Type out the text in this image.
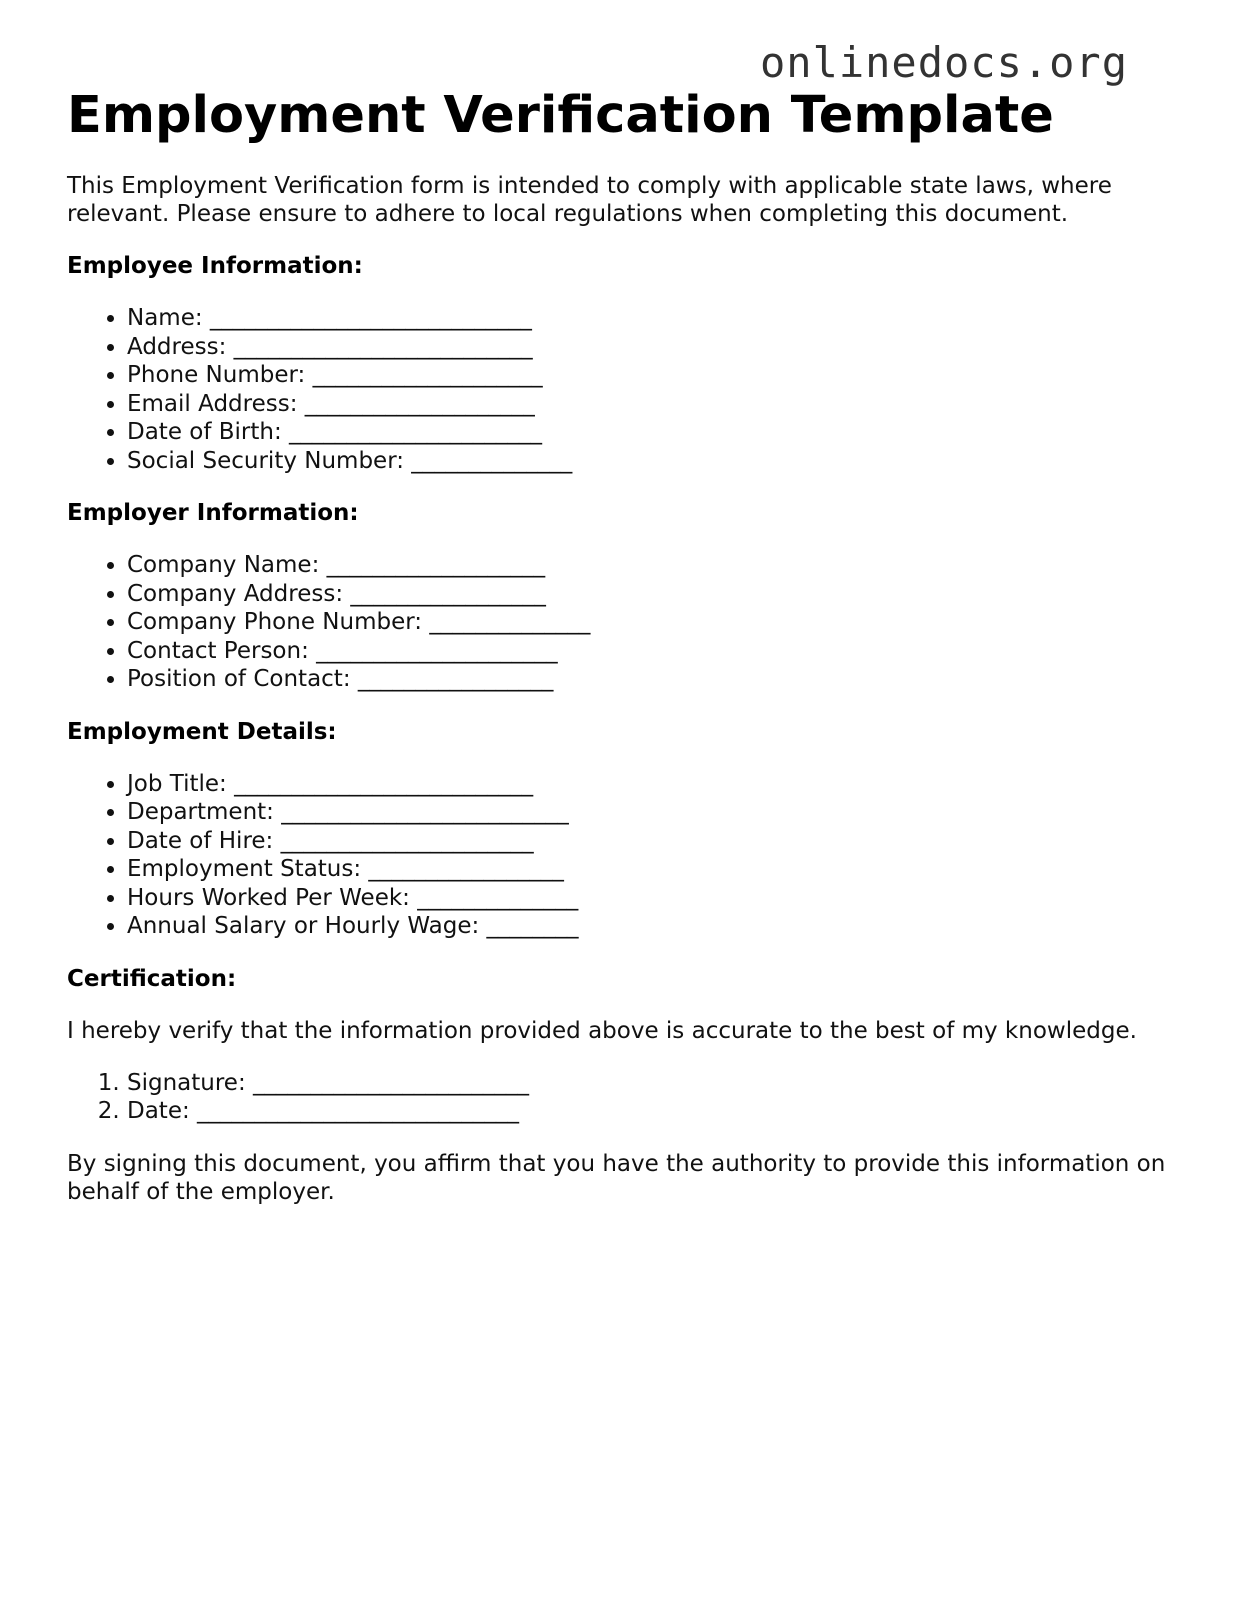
onlinedocs.org
Employment Verification Template

This Employment Verification form is intended to comply with applicable state laws, where relevant. Please ensure to adhere to local regulations when completing this document.

Employee Information:
• Name: ____________________________
• Address: __________________________
• Phone Number: ____________________
• Email Address: ____________________
• Date of Birth: ______________________
• Social Security Number: ______________
Employer Information:
• Company Name: ___________________
• Company Address: _________________
• Company Phone Number: ______________
• Contact Person: _____________________
• Position of Contact: _________________
Employment Details:
• Job Title: __________________________
• Department: _________________________
• Date of Hire: ______________________
• Employment Status: _________________
• Hours Worked Per Week: ______________
• Annual Salary or Hourly Wage: ________
Certification:

I hereby verify that the information provided above is accurate to the best of my knowledge.

1. Signature: ________________________
2. Date: ____________________________

By signing this document, you affirm that you have the authority to provide this information on behalf of the employer.
